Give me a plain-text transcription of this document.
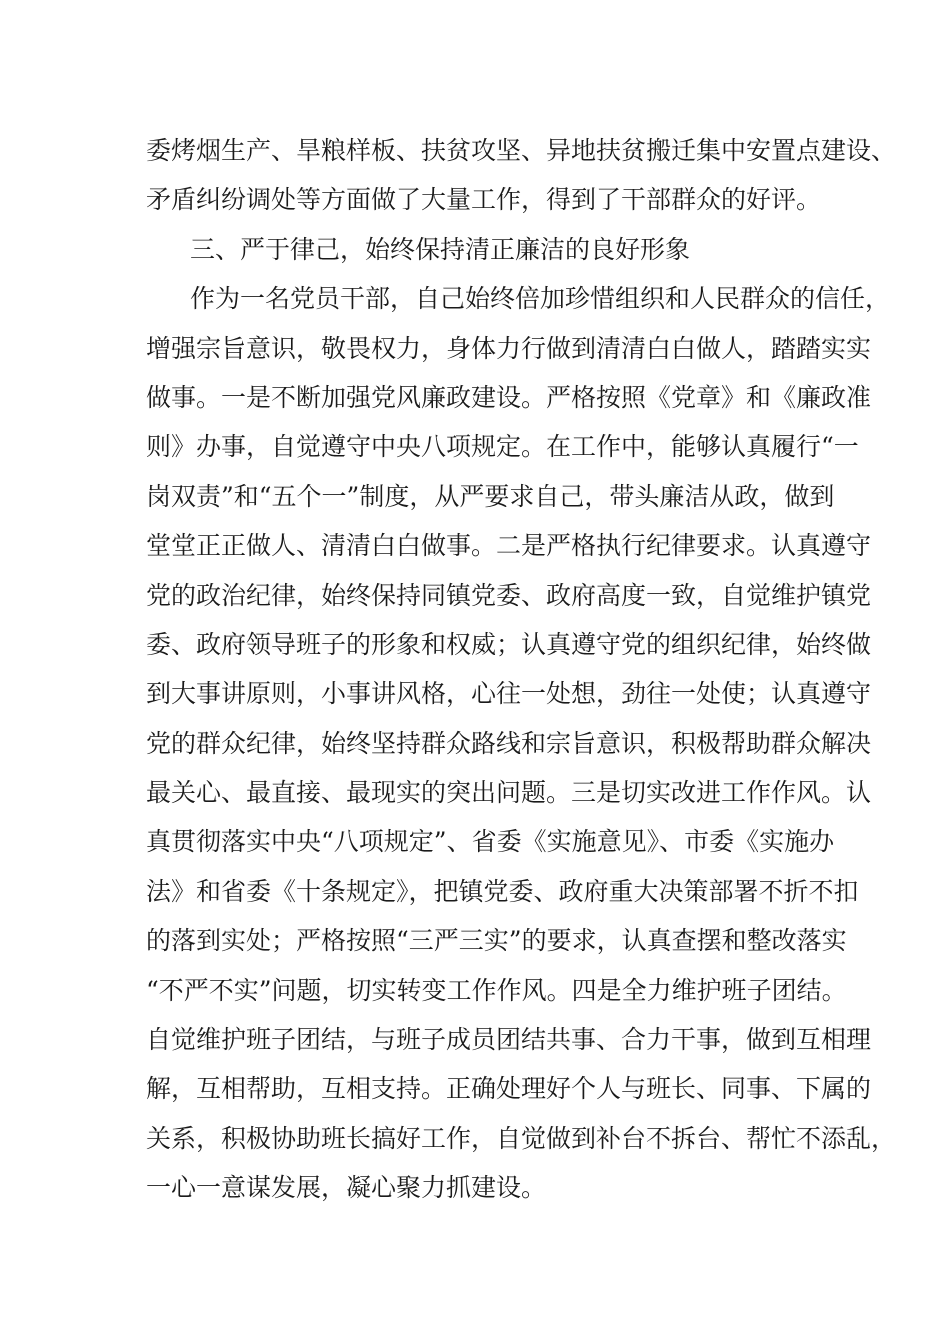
委烤烟生产、旱粮样板、扶贫攻坚、异地扶贫搬迁集中安置点建设、
矛盾纠纷调处等方面做了大量工作，得到了干部群众的好评。
三、严于律己，始终保持清正廉洁的良好形象
作为一名党员干部，自己始终倍加珍惜组织和人民群众的信任，
增强宗旨意识，敬畏权力，身体力行做到清清白白做人，踏踏实实
做事。一是不断加强党风廉政建设。严格按照《党章》和《廉政准
则》办事，自觉遵守中央八项规定。在工作中，能够认真履行“一
岗双责”和“五个一”制度，从严要求自己，带头廉洁从政，做到
堂堂正正做人、清清白白做事。二是严格执行纪律要求。认真遵守
党的政治纪律，始终保持同镇党委、政府高度一致，自觉维护镇党
委、政府领导班子的形象和权威；认真遵守党的组织纪律，始终做
到大事讲原则，小事讲风格，心往一处想，劲往一处使；认真遵守
党的群众纪律，始终坚持群众路线和宗旨意识，积极帮助群众解决
最关心、最直接、最现实的突出问题。三是切实改进工作作风。认
真贯彻落实中央“八项规定”、省委《实施意见》、市委《实施办
法》和省委《十条规定》，把镇党委、政府重大决策部署不折不扣
的落到实处；严格按照“三严三实”的要求，认真查摆和整改落实
“不严不实”问题，切实转变工作作风。四是全力维护班子团结。
自觉维护班子团结，与班子成员团结共事、合力干事，做到互相理
解，互相帮助，互相支持。正确处理好个人与班长、同事、下属的
关系，积极协助班长搞好工作，自觉做到补台不拆台、帮忙不添乱，
一心一意谋发展，凝心聚力抓建设。
